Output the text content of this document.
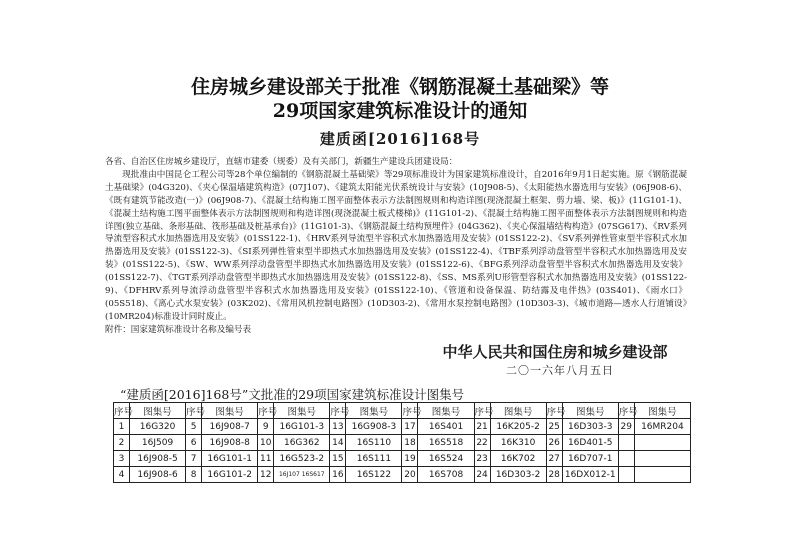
住房城乡建设部关于批准《钢筋混凝土基础梁》等
29项国家建筑标准设计的通知
建质函[2016]168号

各省、自治区住房城乡建设厅，直辖市建委（规委）及有关部门，新疆生产建设兵团建设局：

现批准由中国昆仑工程公司等28个单位编制的《钢筋混凝土基础梁》等29项标准设计为国家建筑标准设计，自2016年9月1日起实施。原《钢筋混凝土基础梁》(04G320)、《夹心保温墙建筑构造》(07J107)、《建筑太阳能光伏系统设计与安装》(10J908-5)、《太阳能热水器选用与安装》(06J908-6)、《既有建筑节能改造(一)》(06J908-7)、《混凝土结构施工图平面整体表示方法制图规则和构造详图(现浇混凝土框架、剪力墙、梁、板)》(11G101-1)、《混凝土结构施工图平面整体表示方法制图规则和构造详图(现浇混凝土板式楼梯)》(11G101-2)、《混凝土结构施工图平面整体表示方法制图规则和构造详图(独立基础、条形基础、筏形基础及桩基承台)》(11G101-3)、《钢筋混凝土结构预埋件》(04G362)、《夹心保温墙结构构造》(07SG617)、《RV系列导流型容积式水加热器选用及安装》(01SS122-1)、《HRV系列导流型半容积式水加热器选用及安装》(01SS122-2)、《SV系列弹性管束型半容积式水加热器选用及安装》(01SS122-3)、《SI系列弹性管束型半即热式水加热器选用及安装》(01SS122-4)、《TBF系列浮动盘管型半容积式水加热器选用及安装》(01SS122-5)、《SW、WW系列浮动盘管型半即热式水加热器选用及安装》(01SS122-6)、《BFG系列浮动盘管型半容积式水加热器选用及安装》(01SS122-7)、《TGT系列浮动盘管型半即热式水加热器选用及安装》(01SS122-8)、《SS、MS系列U形管型容积式水加热器选用及安装》(01SS122-9)、《DFHRV系列导流浮动盘管型半容积式水加热器选用及安装》(01SS122-10)、《管道和设备保温、防结露及电伴热》(03S401)、《雨水口》(05S518)、《离心式水泵安装》(03K202)、《常用风机控制电路图》(10D303-2)、《常用水泵控制电路图》(10D303-3)、《城市道路—透水人行道铺设》(10MR204)标准设计同时废止。

附件：国家建筑标准设计名称及编号表

中华人民共和国住房和城乡建设部
二〇一六年八月五日
“建质函[2016]168号”文批准的29项国家建筑标准设计图集号
序号	图集号	序号	图集号	序号	图集号	序号	图集号	序号	图集号	序号	图集号	序号	图集号	序号	图集号
1	16G320	5	16J908-7	9	16G101-3	13	16G908-3	17	16S401	21	16K205-2	25	16D303-3	29	16MR204
2	16J509	6	16J908-8	10	16G362	14	16S110	18	16S518	22	16K310	26	16D401-5		
3	16J908-5	7	16G101-1	11	16G523-2	15	16S111	19	16S524	23	16K702	27	16D707-1		
4	16J908-6	8	16G101-2	12	16J107 16S617	16	16S122	20	16S708	24	16D303-2	28	16DX012-1		
